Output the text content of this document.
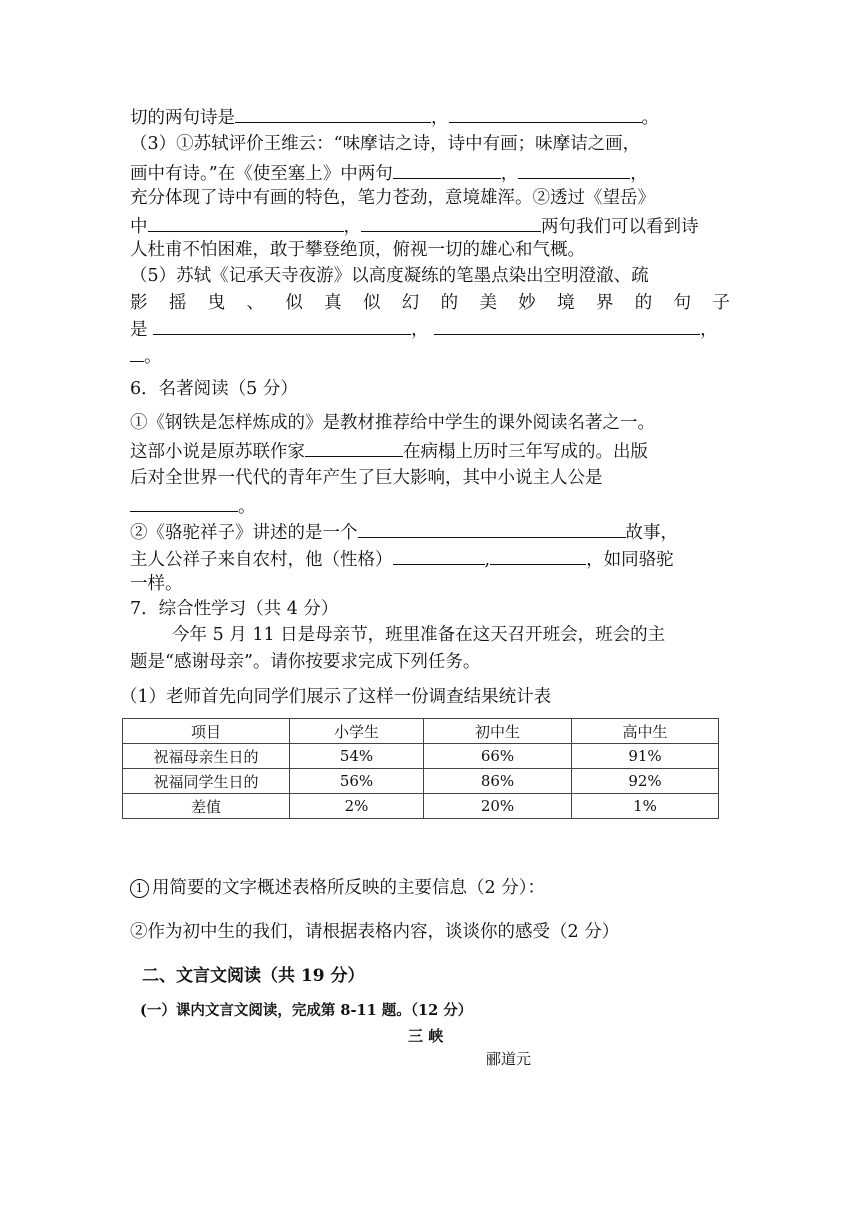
切的两句诗是	，	。
（3）①苏轼评价王维云：“味摩诘之诗，诗中有画；味摩诘之画，
画中有诗。”在《使至塞上》中两句	，	，
充分体现了诗中有画的特色，笔力苍劲，意境雄浑。②透过《望岳》
中	，	两句我们可以看到诗
人杜甫不怕困难，敢于攀登绝顶，俯视一切的雄心和气概。
（5）苏轼《记承天寺夜游》以高度凝练的笔墨点染出空明澄澈、疏
影 摇 曳 、 似 真 似 幻 的 美 妙 境 界 的 句 子
是	，	，
。
6．名著阅读（5 分）
①《钢铁是怎样炼成的》是教材推荐给中学生的课外阅读名著之一。
这部小说是原苏联作家	在病榻上历时三年写成的。出版
后对全世界一代代的青年产生了巨大影响，其中小说主人公是
。
②《骆驼祥子》讲述的是一个	故事，
主人公祥子来自农村，他（性格）	,	，如同骆驼
一样。
7．综合性学习（共 4 分）
今年 5 月 11 日是母亲节，班里准备在这天召开班会，班会的主
题是“感谢母亲”。请你按要求完成下列任务。
（1）老师首先向同学们展示了这样一份调查结果统计表
项目	小学生	初中生	高中生
祝福母亲生日的	54%	66%	91%
祝福同学生日的	56%	86%	92%
差值	2%	20%	1%
1 用简要的文字概述表格所反映的主要信息（2 分）：
②作为初中生的我们，请根据表格内容，谈谈你的感受（2 分）
二、文言文阅读（共 19 分）
(一）课内文言文阅读，完成第 8-11 题。（12 分）
三 峡
郦道元
